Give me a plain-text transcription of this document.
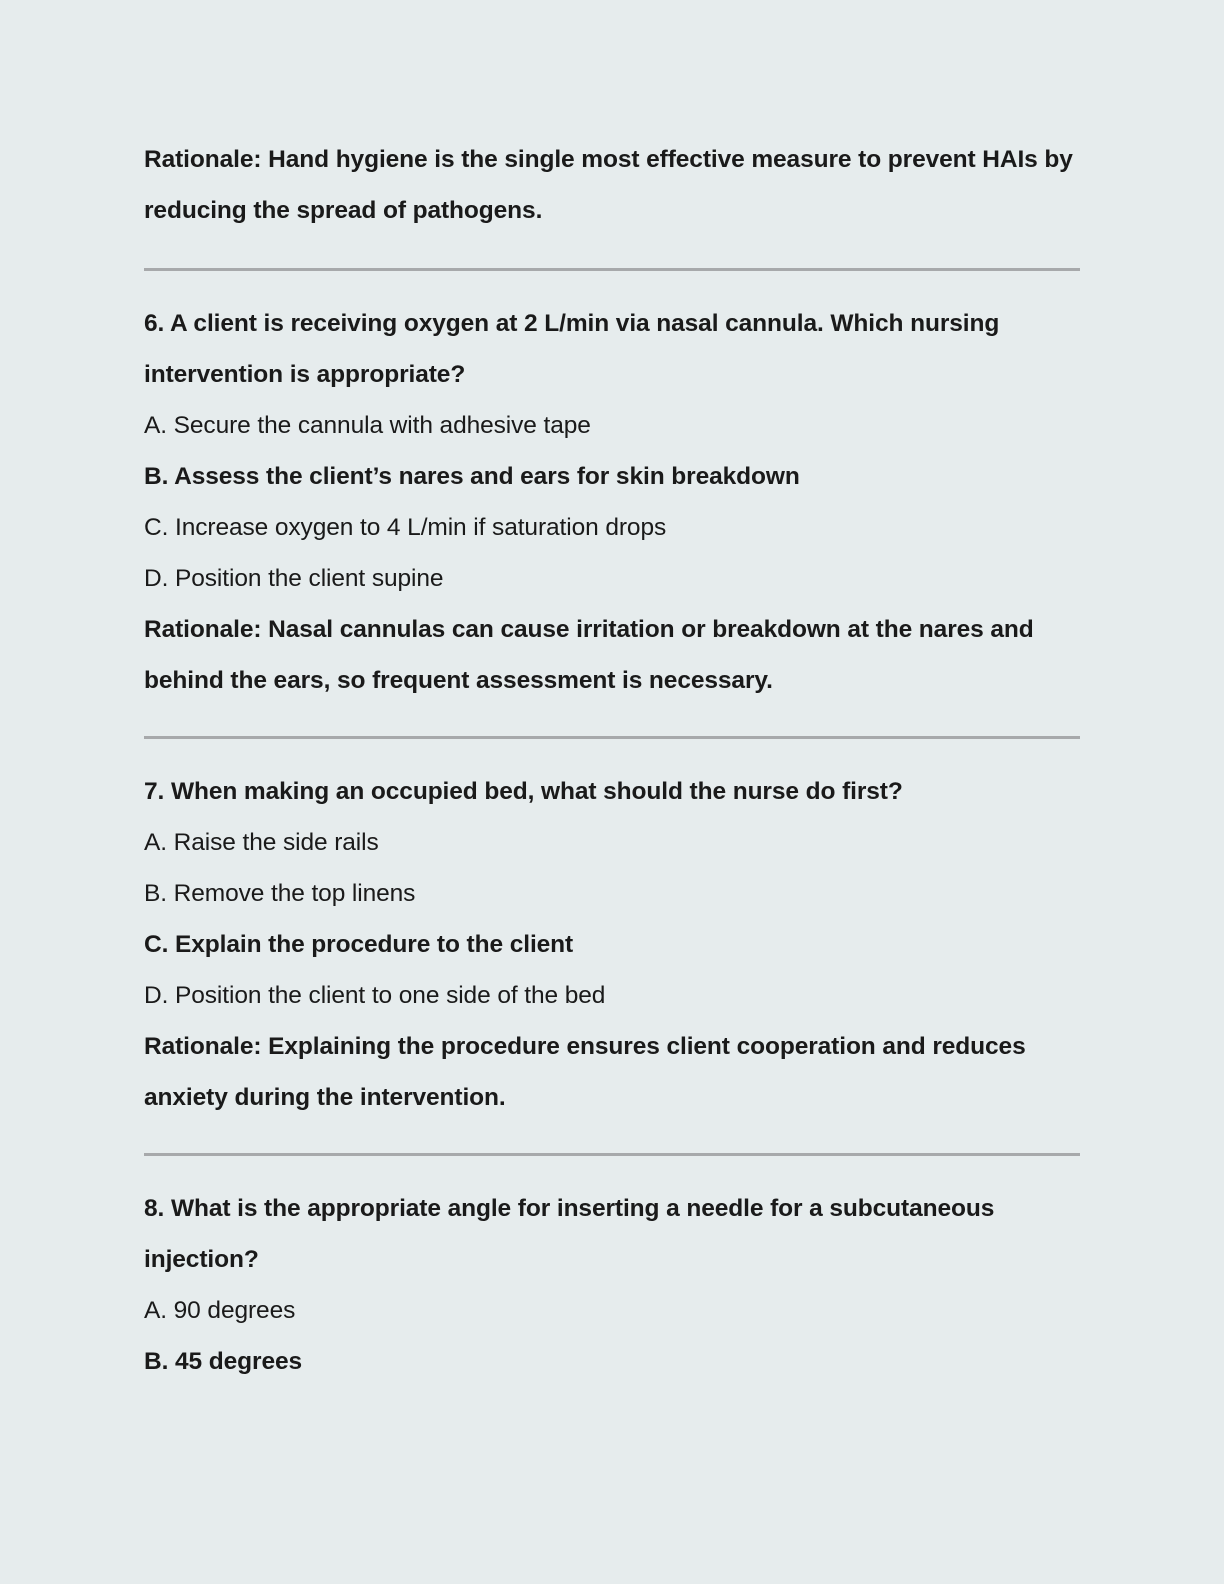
Rationale: Hand hygiene is the single most effective measure to prevent HAIs by
reducing the spread of pathogens.
6. A client is receiving oxygen at 2 L/min via nasal cannula. Which nursing
intervention is appropriate?
A. Secure the cannula with adhesive tape
B. Assess the client’s nares and ears for skin breakdown
C. Increase oxygen to 4 L/min if saturation drops
D. Position the client supine
Rationale: Nasal cannulas can cause irritation or breakdown at the nares and
behind the ears, so frequent assessment is necessary.
7. When making an occupied bed, what should the nurse do first?
A. Raise the side rails
B. Remove the top linens
C. Explain the procedure to the client
D. Position the client to one side of the bed
Rationale: Explaining the procedure ensures client cooperation and reduces
anxiety during the intervention.
8. What is the appropriate angle for inserting a needle for a subcutaneous
injection?
A. 90 degrees
B. 45 degrees
